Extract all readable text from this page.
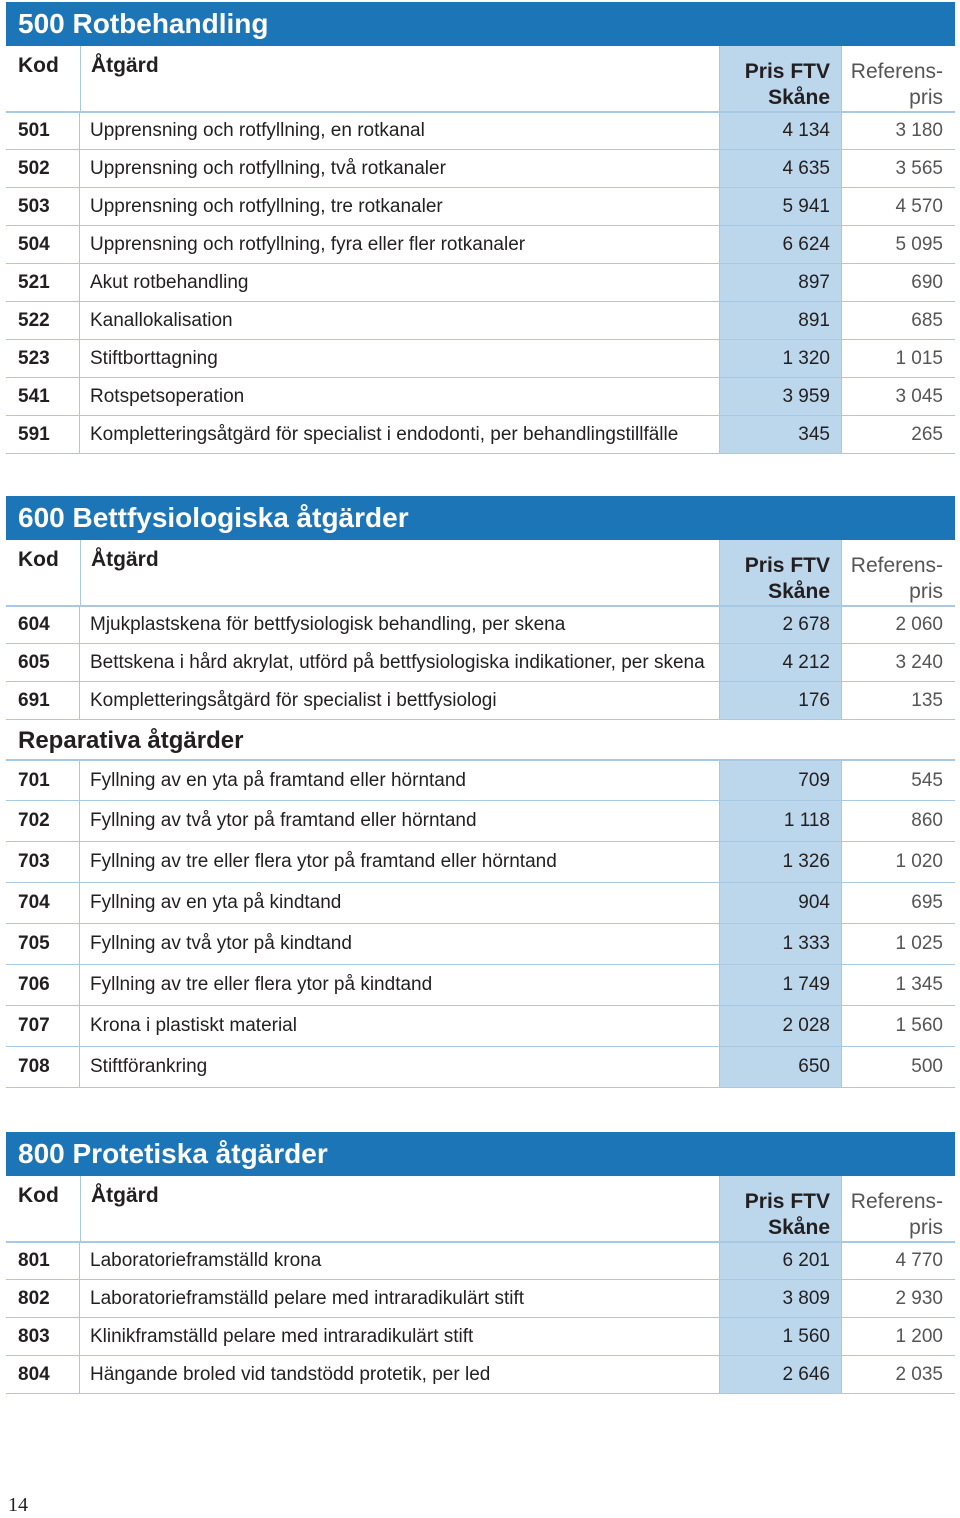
500 Rotbehandling
Kod	Åtgärd	Pris FTV
Skåne
Referens-
pris
501	Upprensning och rotfyllning, en rotkanal	4 134	3 180
502	Upprensning och rotfyllning, två rotkanaler	4 635	3 565
503	Upprensning och rotfyllning, tre rotkanaler	5 941	4 570
504	Upprensning och rotfyllning, fyra eller fler rotkanaler	6 624	5 095
521	Akut rotbehandling	897	690
522	Kanallokalisation	891	685
523	Stiftborttagning	1 320	1 015
541	Rotspetsoperation	3 959	3 045
591	Kompletteringsåtgärd för specialist i endodonti, per behandlingstillfälle	345	265
600 Bettfysiologiska åtgärder
Kod	Åtgärd	Pris FTV
Skåne
Referens-
pris
604	Mjukplastskena för bettfysiologisk behandling, per skena	2 678	2 060
605	Bettskena i hård akrylat, utförd på bettfysiologiska indikationer, per skena	4 212	3 240
691	Kompletteringsåtgärd för specialist i bettfysiologi	176	135
Reparativa åtgärder
701	Fyllning av en yta på framtand eller hörntand	709	545
702	Fyllning av två ytor på framtand eller hörntand	1 118	860
703	Fyllning av tre eller flera ytor på framtand eller hörntand	1 326	1 020
704	Fyllning av en yta på kindtand	904	695
705	Fyllning av två ytor på kindtand	1 333	1 025
706	Fyllning av tre eller flera ytor på kindtand	1 749	1 345
707	Krona i plastiskt material	2 028	1 560
708	Stiftförankring	650	500
800 Protetiska åtgärder
Kod	Åtgärd	Pris FTV
Skåne
Referens-
pris
801	Laboratorieframställd krona	6 201	4 770
802	Laboratorieframställd pelare med intraradikulärt stift	3 809	2 930
803	Klinikframställd pelare med intraradikulärt stift	1 560	1 200
804	Hängande broled vid tandstödd protetik, per led	2 646	2 035
14
